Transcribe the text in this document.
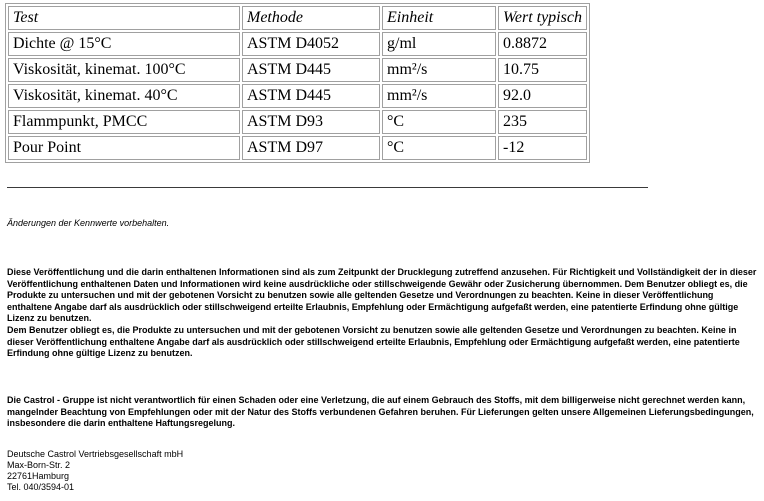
Test	Methode	Einheit	Wert typisch
Dichte @ 15°C	ASTM D4052	g/ml	0.8872
Viskosität, kinemat. 100°C	ASTM D445	mm²/s	10.75
Viskosität, kinemat. 40°C	ASTM D445	mm²/s	92.0
Flammpunkt, PMCC	ASTM D93	°C	235
Pour Point	ASTM D97	°C	-12
Änderungen der Kennwerte vorbehalten.

Diese Veröffentlichung und die darin enthaltenen Informationen sind als zum Zeitpunkt der Drucklegung zutreffend anzusehen. Für Richtigkeit und Vollständigkeit der in dieser Veröffentlichung enthaltenen Daten und Informationen wird keine ausdrückliche oder stillschweigende Gewähr oder Zusicherung übernommen. Dem Benutzer obliegt es, die Produkte zu untersuchen und mit der gebotenen Vorsicht zu benutzen sowie alle geltenden Gesetze und Verordnungen zu beachten. Keine in dieser Veröffentlichung enthaltene Angabe darf als ausdrücklich oder stillschweigend erteilte Erlaubnis, Empfehlung oder Ermächtigung aufgefaßt werden, eine patentierte Erfindung ohne gültige Lizenz zu benutzen.

Dem Benutzer obliegt es, die Produkte zu untersuchen und mit der gebotenen Vorsicht zu benutzen sowie alle geltenden Gesetze und Verordnungen zu beachten. Keine in dieser Veröffentlichung enthaltene Angabe darf als ausdrücklich oder stillschweigend erteilte Erlaubnis, Empfehlung oder Ermächtigung aufgefaßt werden, eine patentierte Erfindung ohne gültige Lizenz zu benutzen.

Die Castrol - Gruppe ist nicht verantwortlich für einen Schaden oder eine Verletzung, die auf einem Gebrauch des Stoffs, mit dem billigerweise nicht gerechnet werden kann, mangelnder Beachtung von Empfehlungen oder mit der Natur des Stoffs verbundenen Gefahren beruhen. Für Lieferungen gelten unsere Allgemeinen Lieferungsbedingungen, insbesondere die darin enthaltene Haftungsregelung.

Deutsche Castrol Vertriebsgesellschaft mbH
Max-Born-Str. 2
22761Hamburg
Tel. 040/3594-01
